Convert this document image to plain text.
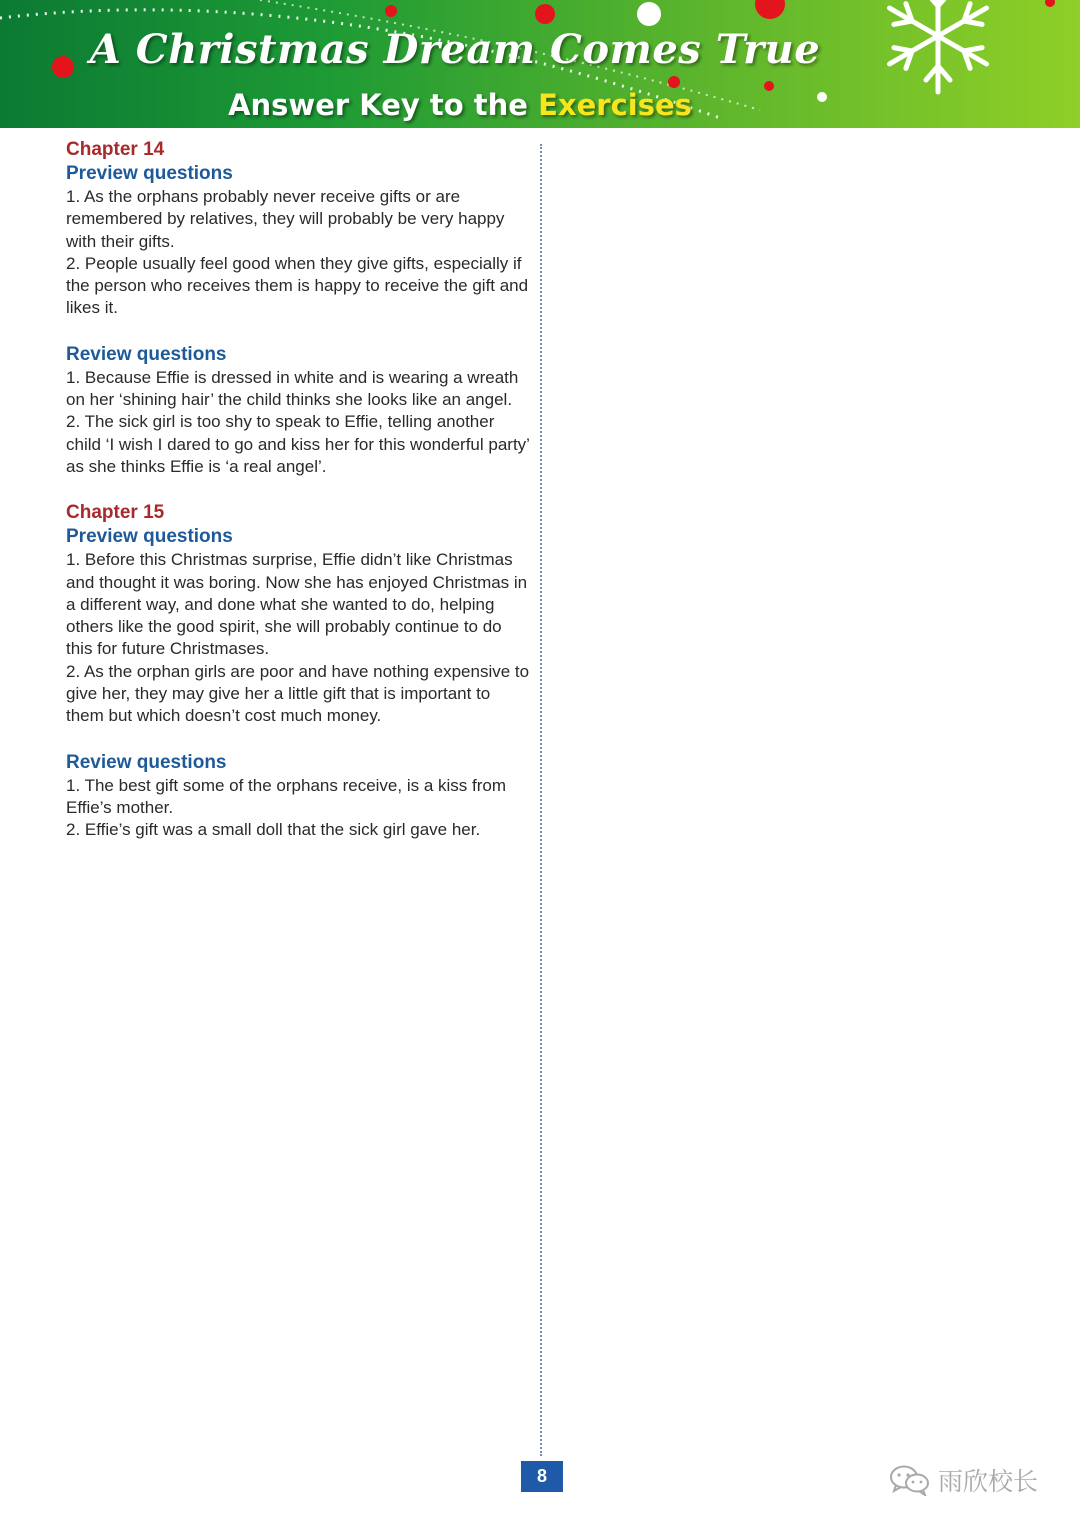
A Christmas Dream Comes True
Answer Key to the Exercises
Chapter 14
Preview questions
1. As the orphans probably never receive gifts or are remembered by relatives, they will probably be very happy with their gifts.
2. People usually feel good when they give gifts, especially if the person who receives them is happy to receive the gift and likes it.
Review questions
1. Because Effie is dressed in white and is wearing a wreath on her ‘shining hair’ the child thinks she looks like an angel.
2. The sick girl is too shy to speak to Effie, telling another child ‘I wish I dared to go and kiss her for this wonderful party’ as she thinks Effie is ‘a real angel’.
Chapter 15
Preview questions
1. Before this Christmas surprise, Effie didn’t like Christmas and thought it was boring. Now she has enjoyed Christmas in a different way, and done what she wanted to do, helping others like the good spirit, she will probably continue to do this for future Christmases.
2. As the orphan girls are poor and have nothing expensive to give her, they may give her a little gift that is important to them but which doesn’t cost much money.
Review questions
1. The best gift some of the orphans receive, is a kiss from Effie’s mother.
2. Effie’s gift was a small doll that the sick girl gave her.
8	雨欣校长
